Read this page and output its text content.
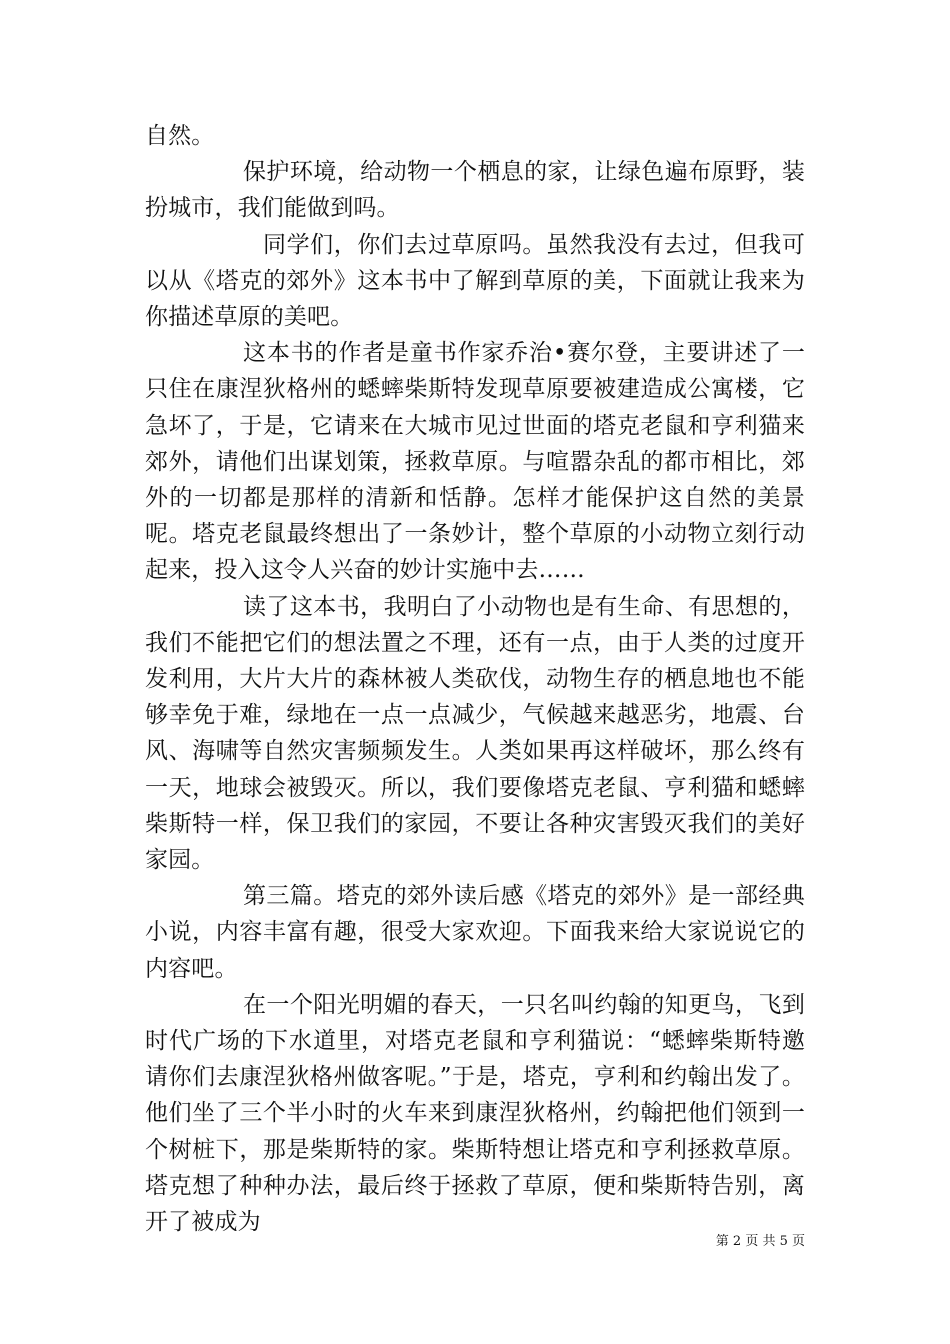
自然。

保护环境，给动物一个栖息的家，让绿色遍布原野，装扮城市，我们能做到吗。

同学们，你们去过草原吗。虽然我没有去过，但我可以从《塔克的郊外》这本书中了解到草原的美，下面就让我来为你描述草原的美吧。

这本书的作者是童书作家乔治•赛尔登，主要讲述了一只住在康涅狄格州的蟋蟀柴斯特发现草原要被建造成公寓楼，它急坏了，于是，它请来在大城市见过世面的塔克老鼠和亨利猫来郊外，请他们出谋划策，拯救草原。与喧嚣杂乱的都市相比，郊外的一切都是那样的清新和恬静。怎样才能保护这自然的美景呢。塔克老鼠最终想出了一条妙计，整个草原的小动物立刻行动起来，投入这令人兴奋的妙计实施中去……

读了这本书，我明白了小动物也是有生命、有思想的，我们不能把它们的想法置之不理，还有一点，由于人类的过度开发利用，大片大片的森林被人类砍伐，动物生存的栖息地也不能够幸免于难，绿地在一点一点减少，气候越来越恶劣，地震、台风、海啸等自然灾害频频发生。人类如果再这样破坏，那么终有一天，地球会被毁灭。所以，我们要像塔克老鼠、亨利猫和蟋蟀柴斯特一样，保卫我们的家园，不要让各种灾害毁灭我们的美好家园。

第三篇。塔克的郊外读后感《塔克的郊外》是一部经典小说，内容丰富有趣，很受大家欢迎。下面我来给大家说说它的内容吧。

在一个阳光明媚的春天，一只名叫约翰的知更鸟，飞到时代广场的下水道里，对塔克老鼠和亨利猫说：“蟋蟀柴斯特邀请你们去康涅狄格州做客呢。”于是，塔克，亨利和约翰出发了。他们坐了三个半小时的火车来到康涅狄格州，约翰把他们领到一个树桩下，那是柴斯特的家。柴斯特想让塔克和亨利拯救草原。塔克想了种种办法，最后终于拯救了草原，便和柴斯特告别，离开了被成为

第 2 页 共 5 页
